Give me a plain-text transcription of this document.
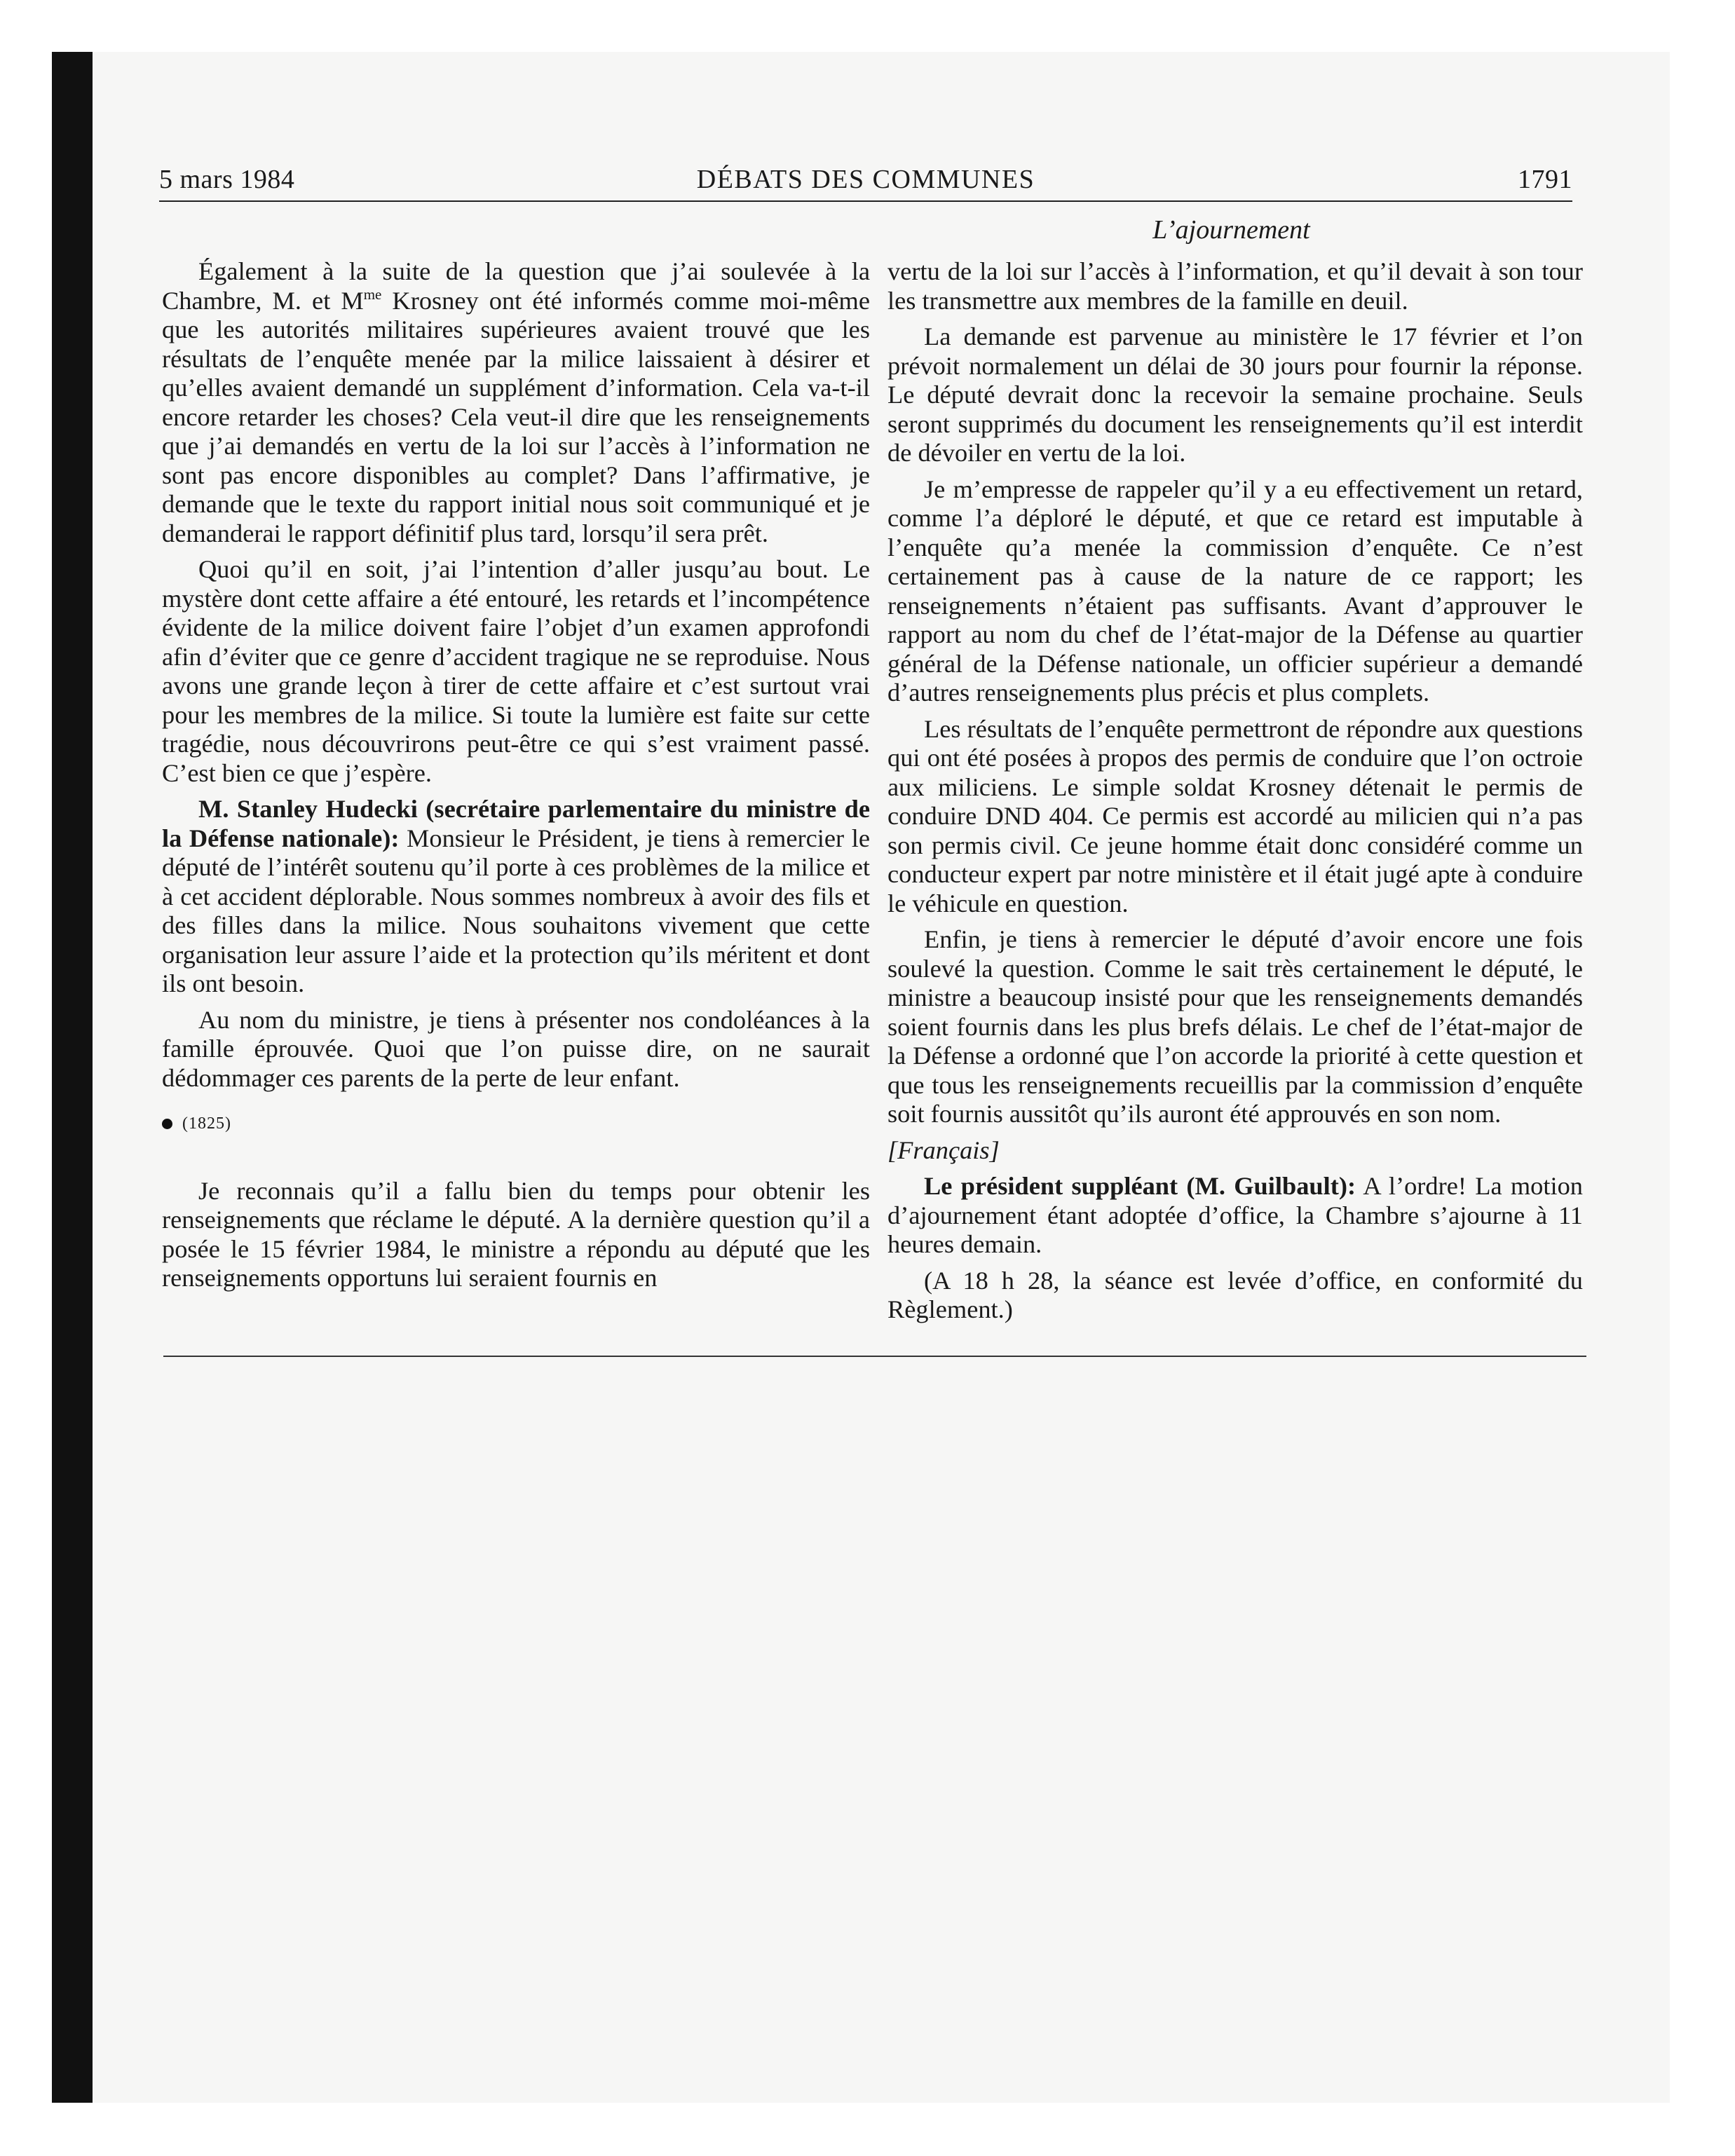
5 mars 1984	DÉBATS DES COMMUNES	1791
L’ajournement

Également à la suite de la question que j’ai soulevée à la Chambre, M. et $M^{me}$ Krosney ont été informés comme moi-même que les autorités militaires supérieures avaient trouvé que les résultats de l’enquête menée par la milice laissaient à désirer et qu’elles avaient demandé un supplément d’information. Cela va-t-il encore retarder les choses? Cela veut-il dire que les renseignements que j’ai demandés en vertu de la loi sur l’accès à l’information ne sont pas encore disponibles au complet? Dans l’affirmative, je demande que le texte du rapport initial nous soit communiqué et je demanderai le rapport définitif plus tard, lorsqu’il sera prêt.

Quoi qu’il en soit, j’ai l’intention d’aller jusqu’au bout. Le mystère dont cette affaire a été entouré, les retards et l’incompétence évidente de la milice doivent faire l’objet d’un examen approfondi afin d’éviter que ce genre d’accident tragique ne se reproduise. Nous avons une grande leçon à tirer de cette affaire et c’est surtout vrai pour les membres de la milice. Si toute la lumière est faite sur cette tragédie, nous découvrirons peut-être ce qui s’est vraiment passé. C’est bien ce que j’espère.

M. Stanley Hudecki (secrétaire parlementaire du ministre de la Défense nationale): Monsieur le Président, je tiens à remercier le député de l’intérêt soutenu qu’il porte à ces problèmes de la milice et à cet accident déplorable. Nous sommes nombreux à avoir des fils et des filles dans la milice. Nous souhaitons vivement que cette organisation leur assure l’aide et la protection qu’ils méritent et dont ils ont besoin.

Au nom du ministre, je tiens à présenter nos condoléances à la famille éprouvée. Quoi que l’on puisse dire, on ne saurait dédommager ces parents de la perte de leur enfant.

(1825)

Je reconnais qu’il a fallu bien du temps pour obtenir les renseignements que réclame le député. A la dernière question qu’il a posée le 15 février 1984, le ministre a répondu au député que les renseignements opportuns lui seraient fournis en

vertu de la loi sur l’accès à l’information, et qu’il devait à son tour les transmettre aux membres de la famille en deuil.

La demande est parvenue au ministère le 17 février et l’on prévoit normalement un délai de 30 jours pour fournir la réponse. Le député devrait donc la recevoir la semaine prochaine. Seuls seront supprimés du document les renseignements qu’il est interdit de dévoiler en vertu de la loi.

Je m’empresse de rappeler qu’il y a eu effectivement un retard, comme l’a déploré le député, et que ce retard est imputable à l’enquête qu’a menée la commission d’enquête. Ce n’est certainement pas à cause de la nature de ce rapport; les renseignements n’étaient pas suffisants. Avant d’approuver le rapport au nom du chef de l’état-major de la Défense au quartier général de la Défense nationale, un officier supérieur a demandé d’autres renseignements plus précis et plus complets.

Les résultats de l’enquête permettront de répondre aux questions qui ont été posées à propos des permis de conduire que l’on octroie aux miliciens. Le simple soldat Krosney détenait le permis de conduire DND 404. Ce permis est accordé au milicien qui n’a pas son permis civil. Ce jeune homme était donc considéré comme un conducteur expert par notre ministère et il était jugé apte à conduire le véhicule en question.

Enfin, je tiens à remercier le député d’avoir encore une fois soulevé la question. Comme le sait très certainement le député, le ministre a beaucoup insisté pour que les renseignements demandés soient fournis dans les plus brefs délais. Le chef de l’état-major de la Défense a ordonné que l’on accorde la priorité à cette question et que tous les renseignements recueillis par la commission d’enquête soit fournis aussitôt qu’ils auront été approuvés en son nom.

[Français]

Le président suppléant (M. Guilbault): A l’ordre! La motion d’ajournement étant adoptée d’office, la Chambre s’ajourne à 11 heures demain.

(A 18 h 28, la séance est levée d’office, en conformité du Règlement.)
